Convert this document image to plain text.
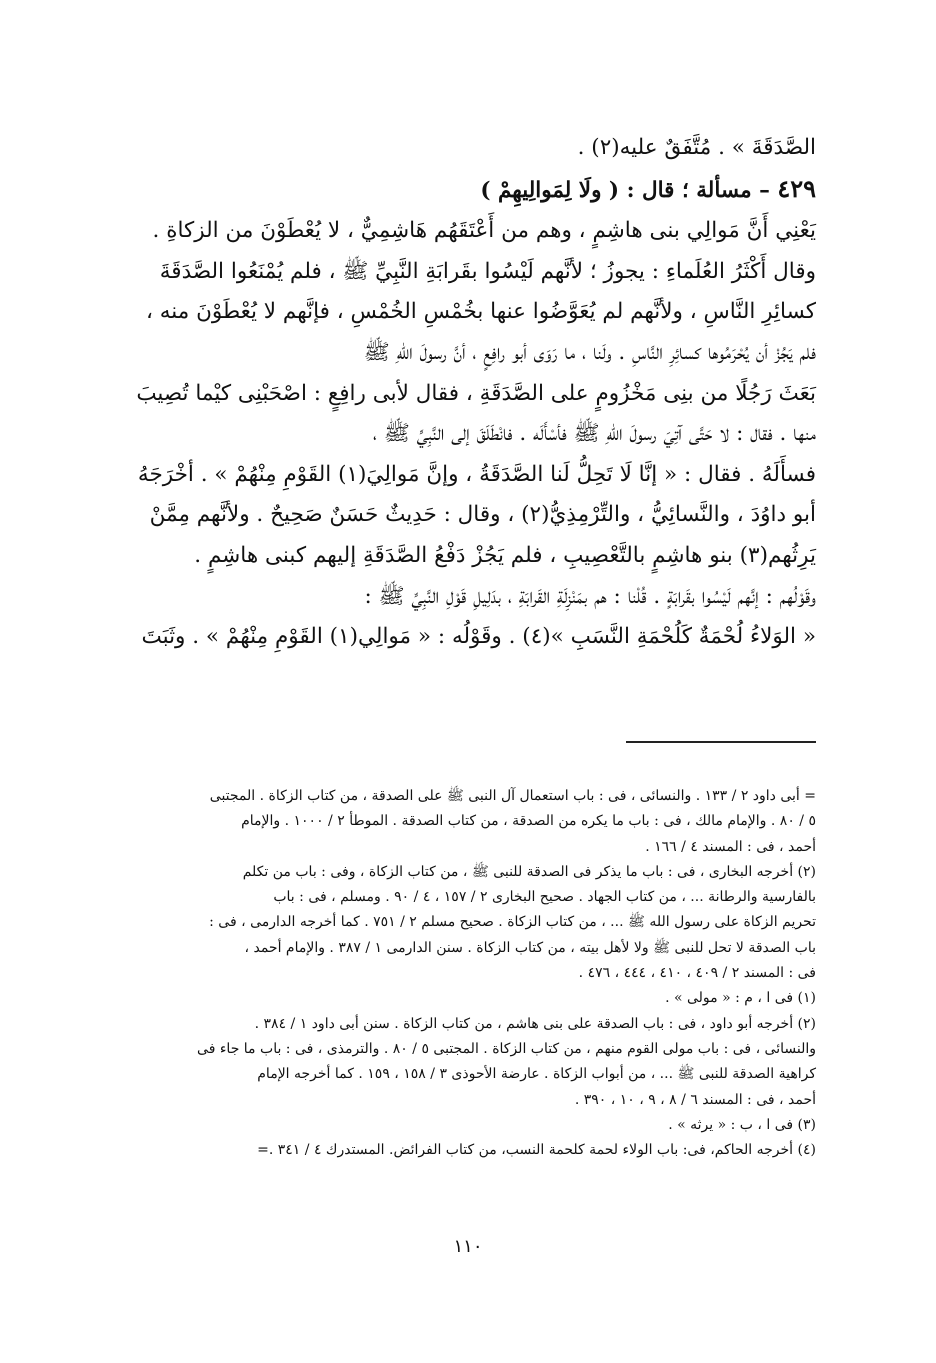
الصَّدَقَةَ » . مُتَّفَقٌ عليه(٢) .

٤٢٩ – مسألة ؛ قال : ( ولَا لِمَوالِيهِمْ )

يَعْنِي أَنَّ مَوالِي بنى هاشِمٍ ، وهم من أَعْتَقَهُم هَاشِمِيٌّ ، لا يُعْطَوْنَ من الزكاةِ .

وقال أَكْثَرُ العُلَماءِ : يجوزُ ؛ لأنَّهم لَيْسُوا بقَرابَةِ النَّبِيِّ ﷺ ، فلم يُمْنَعُوا الصَّدَقَةَ

كسائِرِ النَّاسِ ، ولأنَّهم لم يُعَوَّضُوا عنها بخُمْسِ الخُمْسِ ، فإنَّهم لا يُعْطَوْنَ منه ،

فلم يَجُزْ أن يُحْرَمُوها كسائِرِ النَّاسِ . ولَنا ، ما رَوَى أبو رافِعٍ ، أنَّ رسولَ اللهِ ﷺ

بَعَثَ رَجُلًا من بنِى مَخْزُومٍ على الصَّدَقَةِ ، فقال لأبى رافِعٍ : اصْحَبْنِى كيْما تُصِيبَ

منها . فقال : لا حَتَّى آتِيَ رسولَ اللهِ ﷺ فأسْأَلَه . فانْطَلَقَ إلى النَّبِيِّ ﷺ ،

فسأَلَهُ . فقال : « إنَّا لَا تَحِلُّ لَنا الصَّدَقَةُ ، وإنَّ مَوالِيَ(١) القَوْمِ مِنْهُمْ » . أخْرَجَهُ

أبو داوُدَ ، والنَّسائِيُّ ، والتِّرْمِذِيُّ(٢) ، وقال : حَدِيثٌ حَسَنٌ صَحِيحٌ . ولأنَّهم مِمَّنْ

يَرِثُهم(٣) بنو هاشِمٍ بالتَّعْصِيبِ ، فلم يَجُزْ دَفْعُ الصَّدَقَةِ إليهم كبنى هاشِمٍ .

وقَوْلُهم : إنَّهم لَيْسُوا بقَرابَةٍ . قُلْنا : هم بمَنْزِلَةِ القَرابَةِ ، بدَلِيلِ قَوْلِ النَّبِيِّ ﷺ :

« الوَلاءُ لُحْمَةٌ كَلُحْمَةِ النَّسَبِ »(٤) . وقَوْلُه : « مَوالِي(١) القَوْمِ مِنْهُمْ » . وثَبَتَ

= أبى داود ٢ / ١٣٣ . والنسائى ، فى : باب استعمال آل النبى ﷺ على الصدقة ، من كتاب الزكاة . المجتبى

٥ / ٨٠ . والإمام مالك ، فى : باب ما يكره من الصدقة ، من كتاب الصدقة . الموطأ ٢ / ١٠٠٠ . والإمام

أحمد ، فى : المسند ٤ / ١٦٦ .

(٢) أخرجه البخارى ، فى : باب ما يذكر فى الصدقة للنبى ﷺ ، من كتاب الزكاة ، وفى : باب من تكلم

بالفارسية والرطانة ... ، من كتاب الجهاد . صحيح البخارى ٢ / ١٥٧ ، ٤ / ٩٠ . ومسلم ، فى : باب

تحريم الزكاة على رسول الله ﷺ ... ، من كتاب الزكاة . صحيح مسلم ٢ / ٧٥١ . كما أخرجه الدارمى ، فى :

باب الصدقة لا تحل للنبى ﷺ ولا لأهل بيته ، من كتاب الزكاة . سنن الدارمى ١ / ٣٨٧ . والإمام أحمد ،

فى : المسند ٢ / ٤٠٩ ، ٤١٠ ، ٤٤٤ ، ٤٧٦ .

(١) فى ا ، م : « مولى » .

(٢) أخرجه أبو داود ، فى : باب الصدقة على بنى هاشم ، من كتاب الزكاة . سنن أبى داود ١ / ٣٨٤ .

والنسائى ، فى : باب مولى القوم منهم ، من كتاب الزكاة . المجتبى ٥ / ٨٠ . والترمذى ، فى : باب ما جاء فى

كراهية الصدقة للنبى ﷺ ... ، من أبواب الزكاة . عارضة الأحوذى ٣ / ١٥٨ ، ١٥٩ . كما أخرجه الإمام

أحمد ، فى : المسند ٦ / ٨ ، ٩ ، ١٠ ، ٣٩٠ .

(٣) فى ا ، ب : « يرثه » .

(٤) أخرجه الحاكم، فى: باب الولاء لحمة كلحمة النسب، من كتاب الفرائض. المستدرك ٤ / ٣٤١ .=

١١٠
